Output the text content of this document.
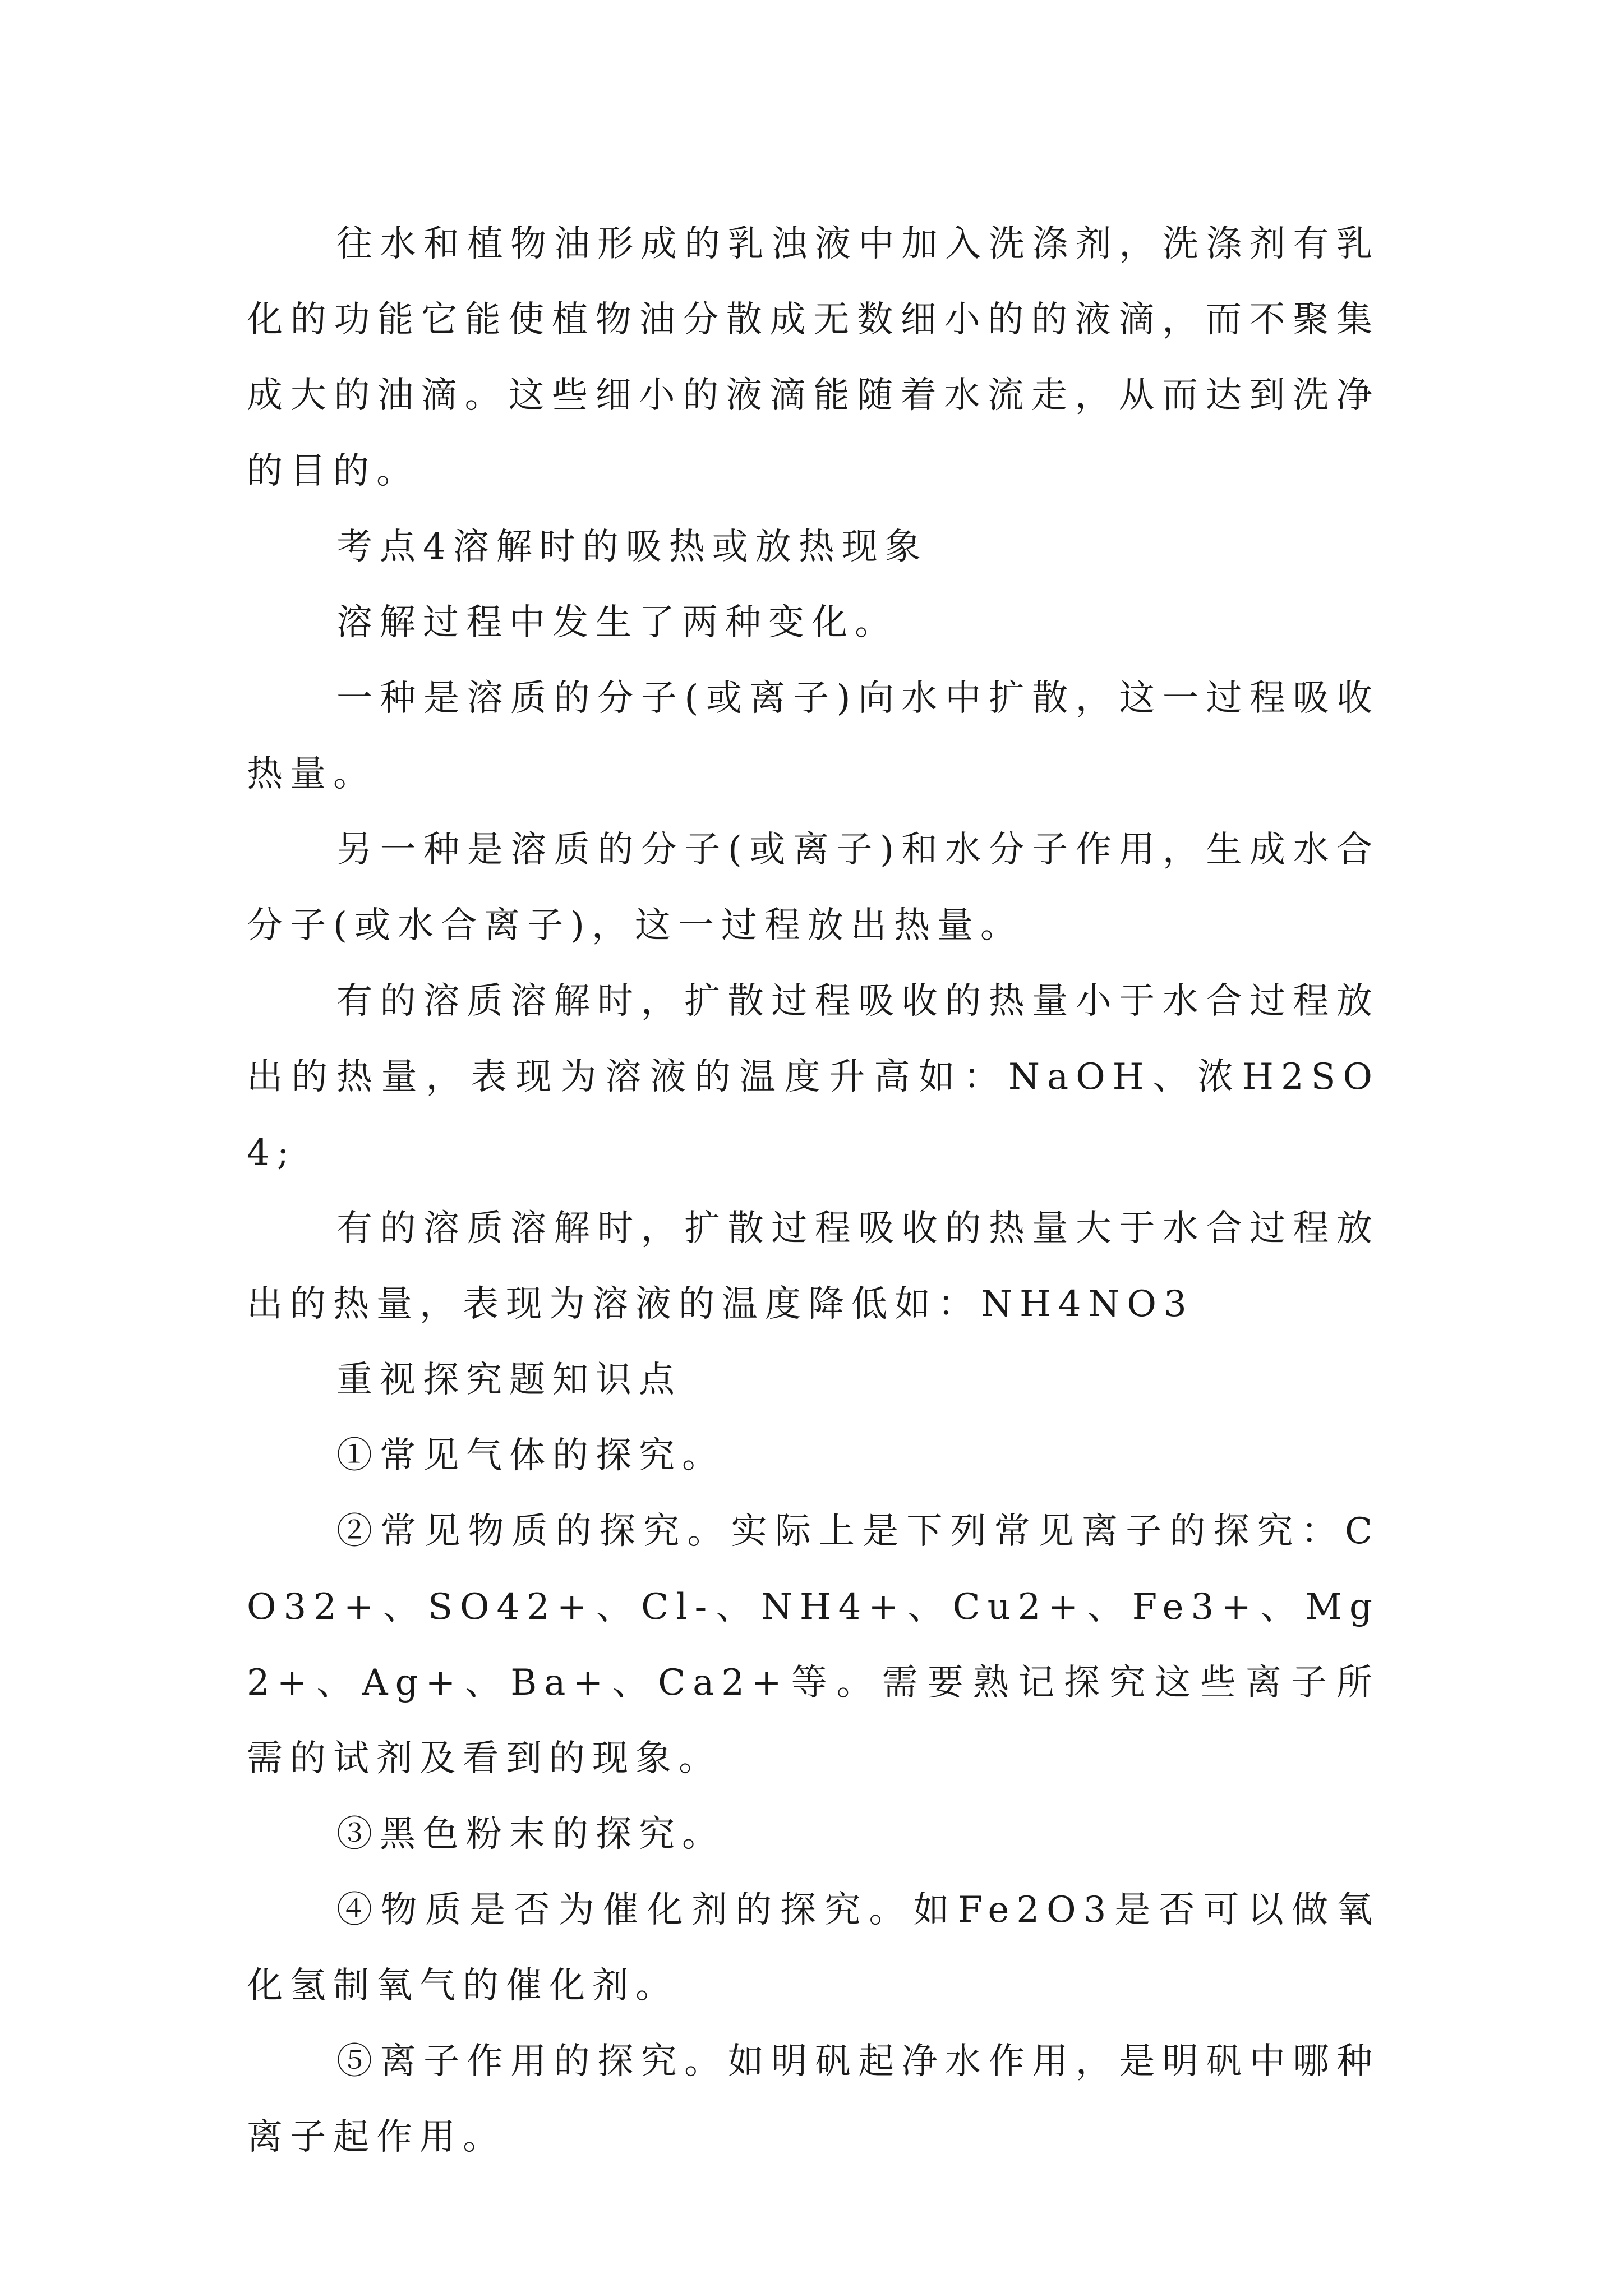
往水和植物油形成的乳浊液中加入洗涤剂，洗涤剂有乳化的功能它能使植物油分散成无数细小的的液滴，而不聚集成大的油滴。这些细小的液滴能随着水流走，从而达到洗净的目的。

考点4溶解时的吸热或放热现象

溶解过程中发生了两种变化。

一种是溶质的分子(或离子)向水中扩散，这一过程吸收热量。

另一种是溶质的分子(或离子)和水分子作用，生成水合分子(或水合离子)，这一过程放出热量。

有的溶质溶解时，扩散过程吸收的热量小于水合过程放出的热量，表现为溶液的温度升高如：NaOH、浓H2SO4;

有的溶质溶解时，扩散过程吸收的热量大于水合过程放出的热量，表现为溶液的温度降低如：NH4NO3

重视探究题知识点

①常见气体的探究。

②常见物质的探究。实际上是下列常见离子的探究：CO32+、SO42+、Cl-、NH4+、Cu2+、Fe3+、Mg2+、Ag+、Ba+、Ca2+等。需要熟记探究这些离子所需的试剂及看到的现象。

③黑色粉末的探究。

④物质是否为催化剂的探究。如Fe2O3是否可以做氧化氢制氧气的催化剂。

⑤离子作用的探究。如明矾起净水作用，是明矾中哪种离子起作用。
